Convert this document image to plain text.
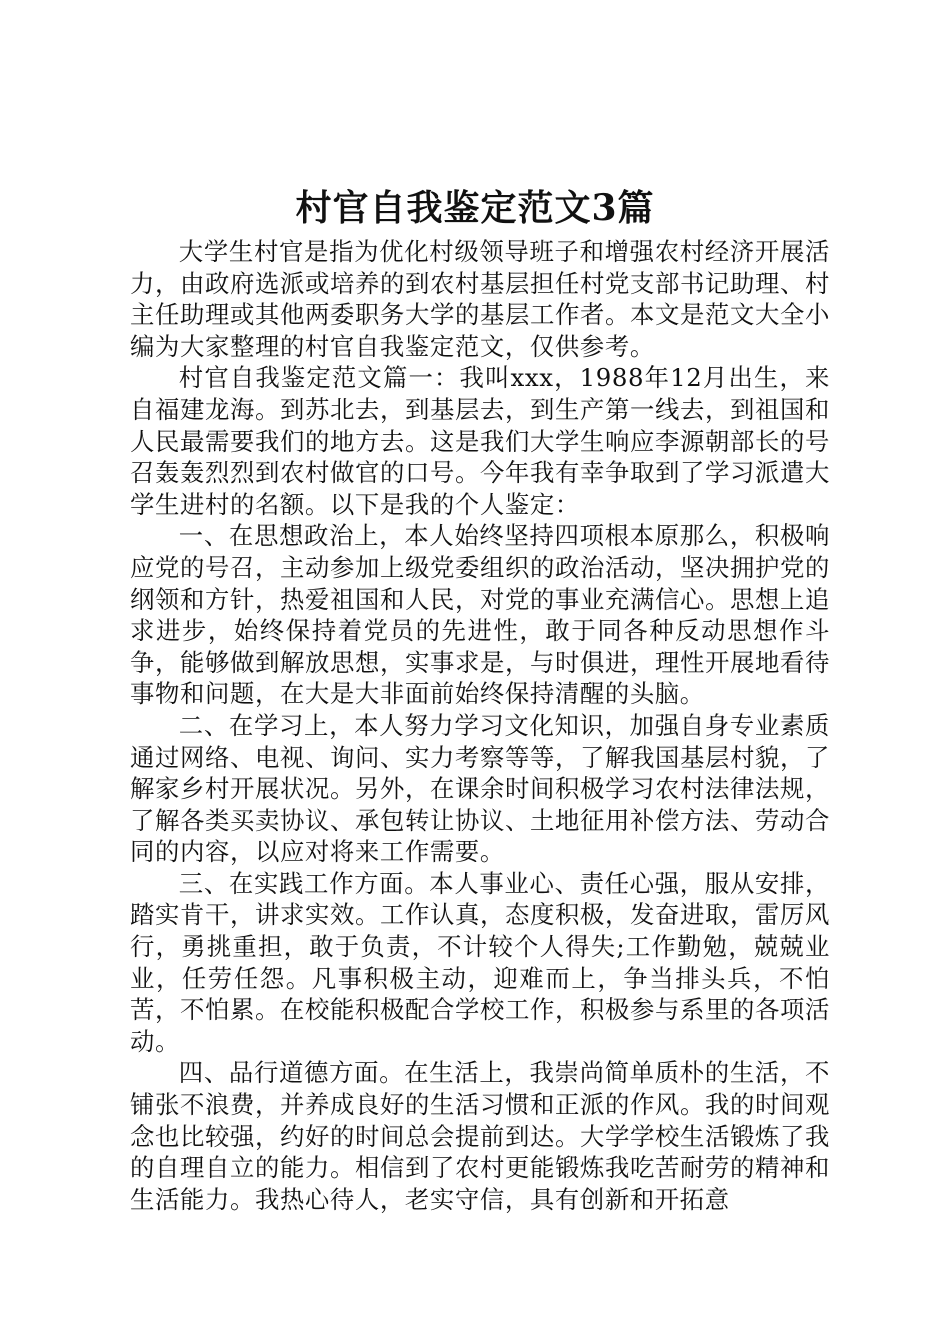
村官自我鉴定范文3篇

大学生村官是指为优化村级领导班子和增强农村经济开展活力，由政府选派或培养的到农村基层担任村党支部书记助理、村主任助理或其他两委职务大学的基层工作者。本文是范文大全小编为大家整理的村官自我鉴定范文，仅供参考。

村官自我鉴定范文篇一：我叫xxx，1988年12月出生，来自福建龙海。到苏北去，到基层去，到生产第一线去，到祖国和人民最需要我们的地方去。这是我们大学生响应李源朝部长的号召轰轰烈烈到农村做官的口号。今年我有幸争取到了学习派遣大学生进村的名额。以下是我的个人鉴定：

一、在思想政治上，本人始终坚持四项根本原那么，积极响应党的号召，主动参加上级党委组织的政治活动，坚决拥护党的纲领和方针，热爱祖国和人民，对党的事业充满信心。思想上追求进步，始终保持着党员的先进性，敢于同各种反动思想作斗争，能够做到解放思想，实事求是，与时俱进，理性开展地看待事物和问题，在大是大非面前始终保持清醒的头脑。

二、在学习上，本人努力学习文化知识，加强自身专业素质通过网络、电视、询问、实力考察等等，了解我国基层村貌，了解家乡村开展状况。另外，在课余时间积极学习农村法律法规，了解各类买卖协议、承包转让协议、土地征用补偿方法、劳动合同的内容，以应对将来工作需要。

三、在实践工作方面。本人事业心、责任心强，服从安排，踏实肯干，讲求实效。工作认真，态度积极，发奋进取，雷厉风行，勇挑重担，敢于负责，不计较个人得失;工作勤勉，兢兢业业，任劳任怨。凡事积极主动，迎难而上，争当排头兵，不怕苦，不怕累。在校能积极配合学校工作，积极参与系里的各项活动。

四、品行道德方面。在生活上，我崇尚简单质朴的生活，不铺张不浪费，并养成良好的生活习惯和正派的作风。我的时间观念也比较强，约好的时间总会提前到达。大学学校生活锻炼了我的自理自立的能力。相信到了农村更能锻炼我吃苦耐劳的精神和生活能力。我热心待人，老实守信，具有创新和开拓意
